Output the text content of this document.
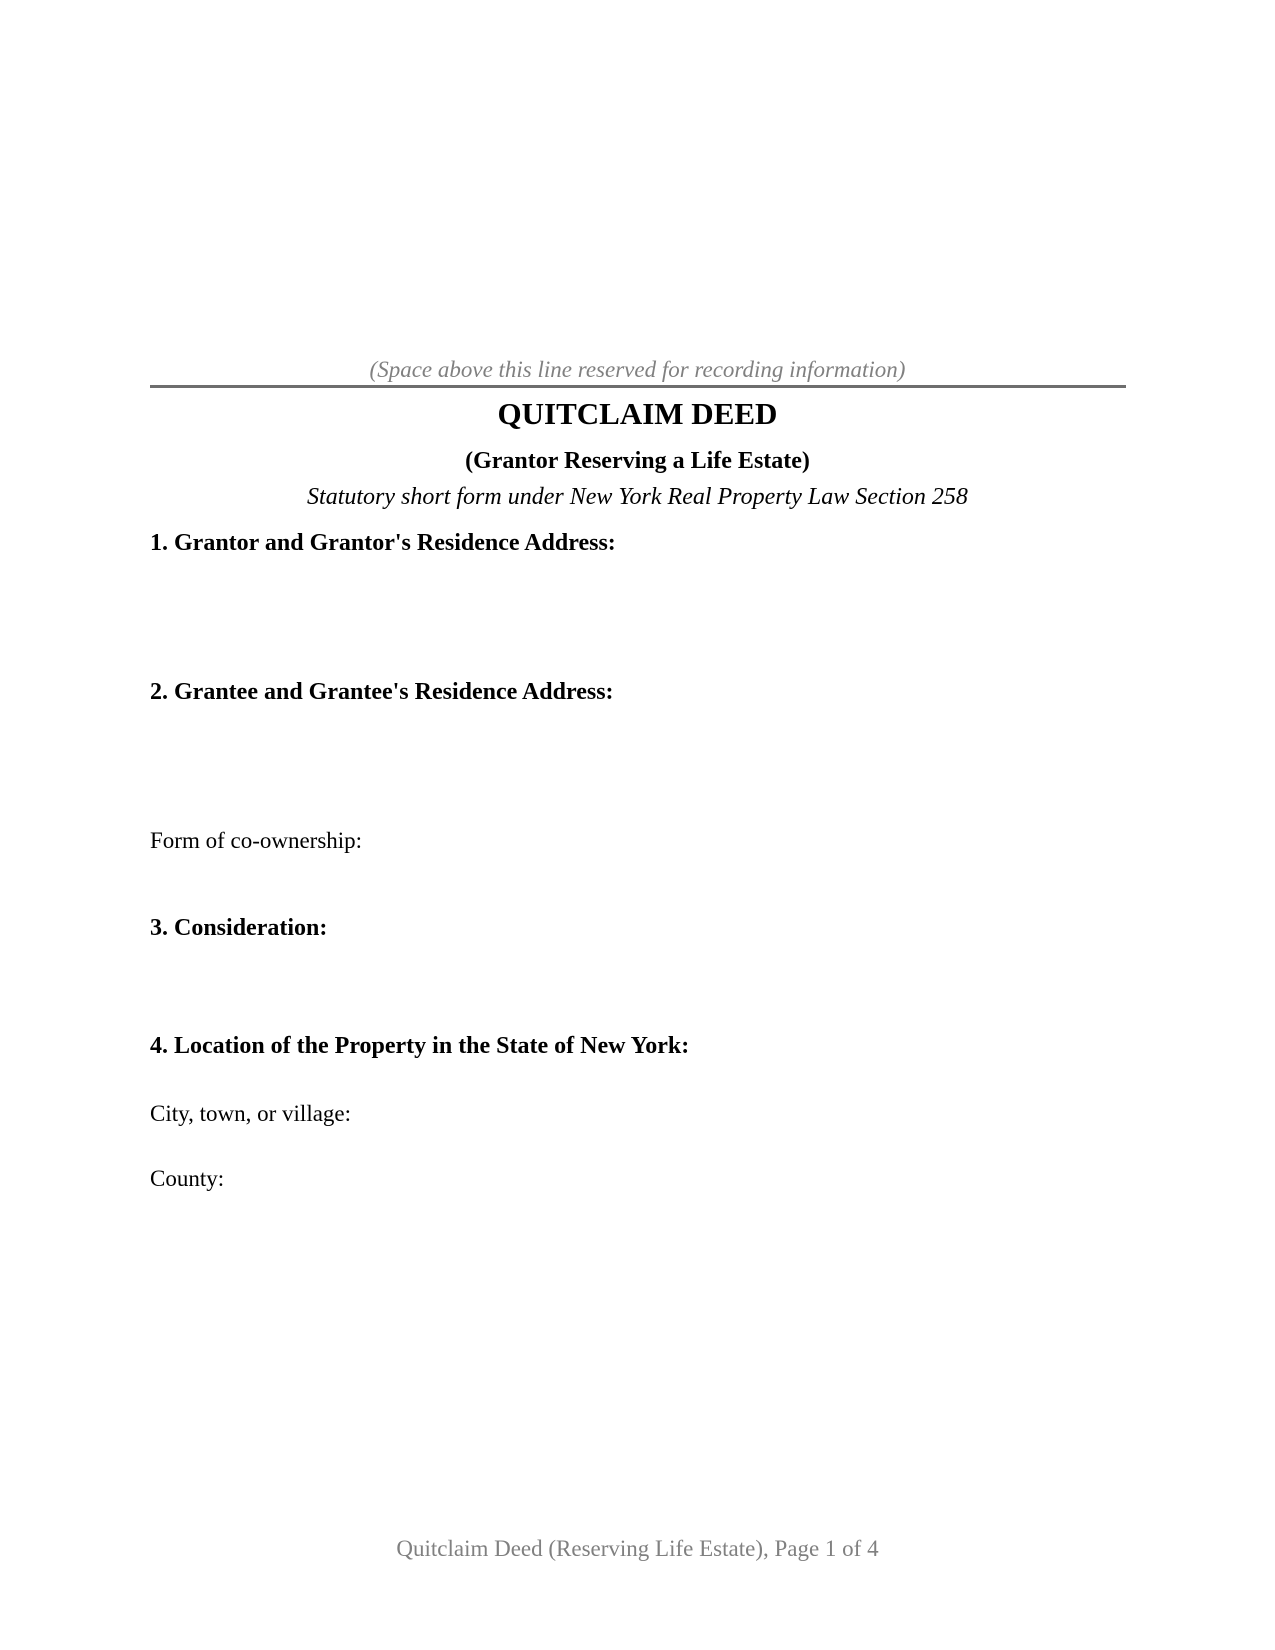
(Space above this line reserved for recording information)
QUITCLAIM DEED
(Grantor Reserving a Life Estate)
Statutory short form under New York Real Property Law Section 258
1. Grantor and Grantor's Residence Address:
2. Grantee and Grantee's Residence Address:
Form of co-ownership:
3. Consideration:
4. Location of the Property in the State of New York:
City, town, or village:
County:
Quitclaim Deed (Reserving Life Estate), Page 1 of 4
